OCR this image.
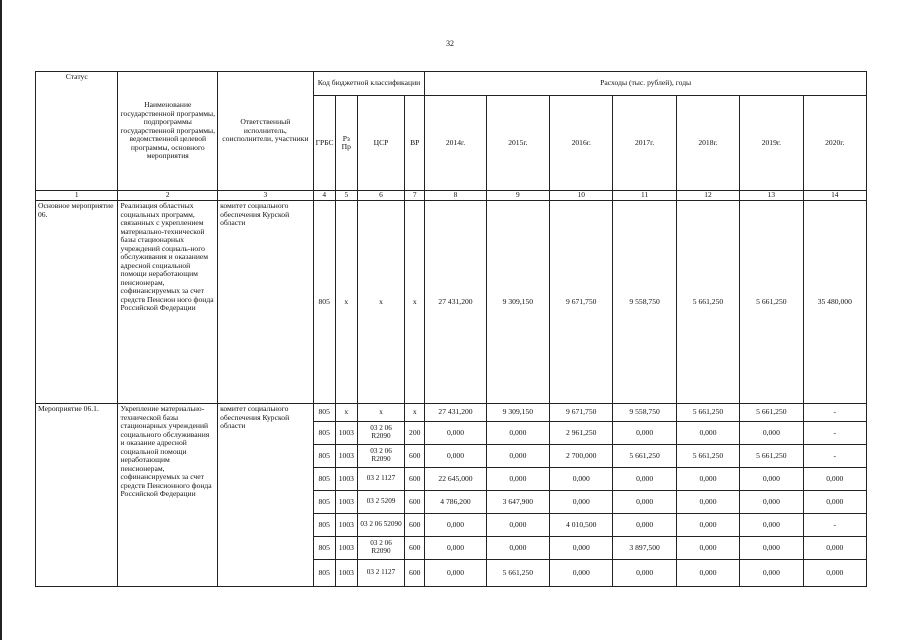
32
Статус	Наименование государственной программы, подпрограммы государственной программы, ведомственной целевой программы, основного мероприятия	Ответственный исполнитель, соисполнители, участники	Код бюджетной классификации				Расходы (тыс. рублей), годы						
			ГРБС	Рз Пр	ЦСР	ВР	2014г.	2015г.	2016г.	2017г.	2018г.	2019г.	2020г.
1	2	3	4	5	6	7	8	9	10	11	12	13	14
Основное мероприятие 06.	Реализация областных социальных программ, связанных с укреплением материально-технической базы стационарных учреждений социаль-ного обслуживания и оказанием адресной социальной помощи неработающим пенсионерам, софинансируемых за счет средств Пенсион ного фонда Российской Федерации	комитет социального обеспечения Курской области	805	x	x	x	27 431,200	9 309,150	9 671,750	9 558,750	5 661,250	5 661,250	35 480,000
Мероприятие 06.1.	Укрепление материально-технической базы стационарных учреждений социального обслуживания и оказание адресной социальной помощи неработающим пенсионерам, софинансируемых за счет средств Пенсионного фонда Российской Федерации	комитет социального обеспечения Курской области	805	x	x	x	27 431,200	9 309,150	9 671,750	9 558,750	5 661,250	5 661,250	-
			805	1003	03 2 06 R2090	200	0,000	0,000	2 961,250	0,000	0,000	0,000	-
			805	1003	03 2 06 R2090	600	0,000	0,000	2 700,000	5 661,250	5 661,250	5 661,250	-
			805	1003	03 2 1127	600	22 645,000	0,000	0,000	0,000	0,000	0,000	0,000
			805	1003	03 2 5209	600	4 786,200	3 647,900	0,000	0,000	0,000	0,000	0,000
			805	1003	03 2 06 52090	600	0,000	0,000	4 010,500	0,000	0,000	0,000	-
			805	1003	03 2 06 R2090	600	0,000	0,000	0,000	3 897,500	0,000	0,000	0,000
			805	1003	03 2 1127	600	0,000	5 661,250	0,000	0,000	0,000	0,000	0,000
